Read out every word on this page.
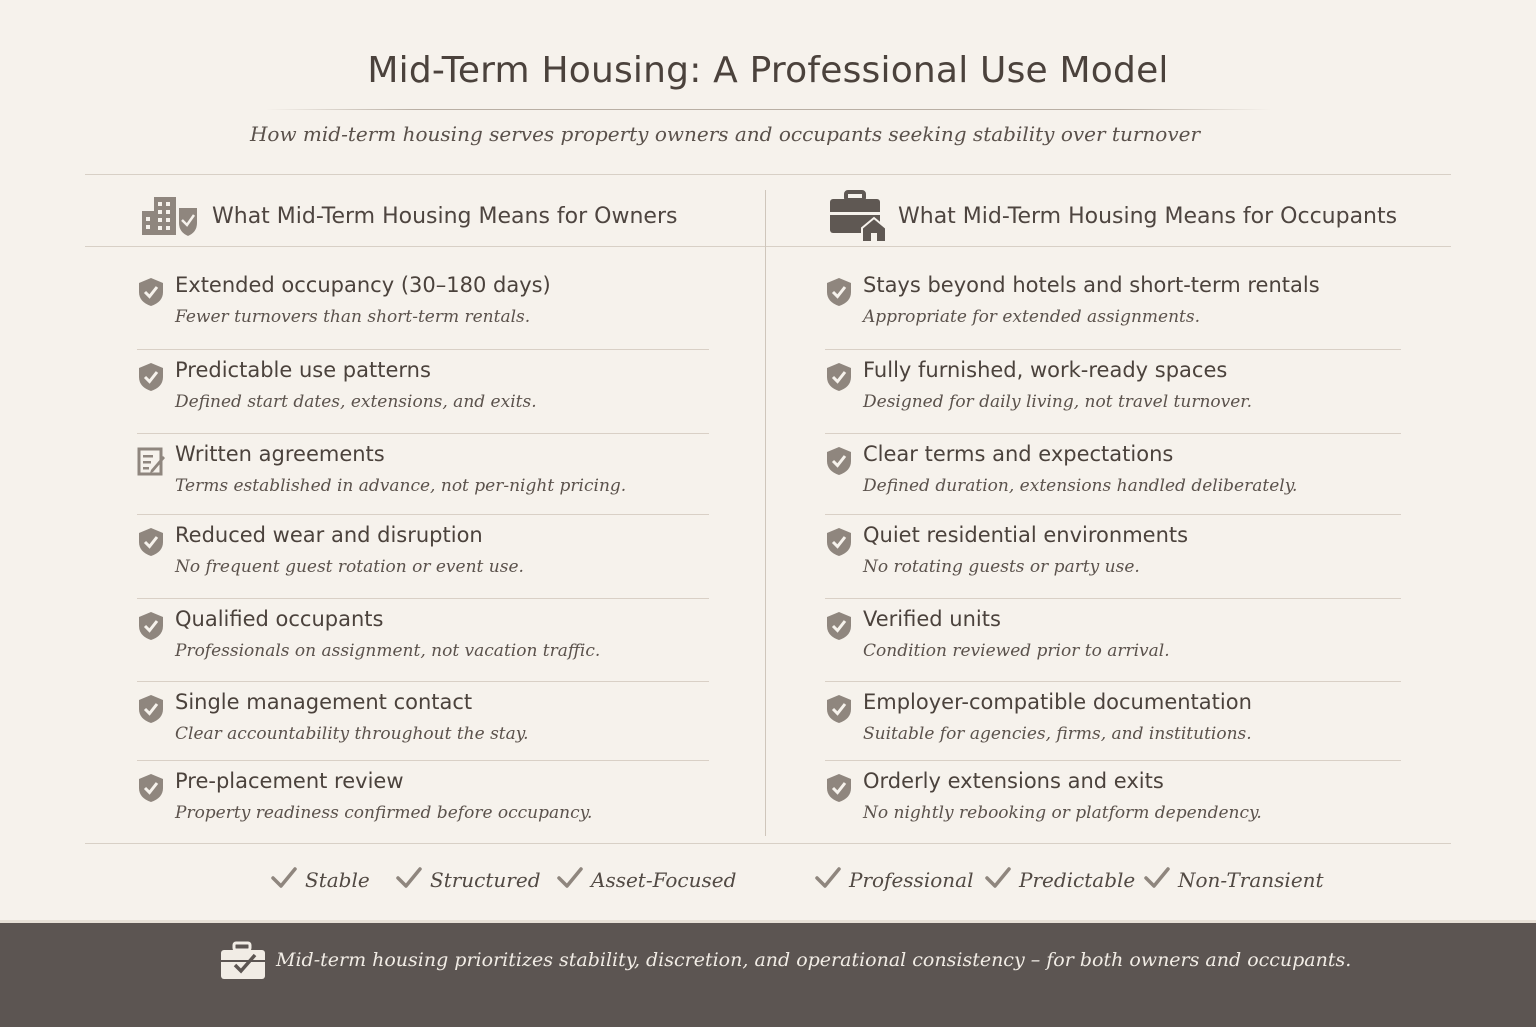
Mid-Term Housing: A Professional Use Model
How mid-term housing serves property owners and occupants seeking stability over turnover
What Mid-Term Housing Means for Owners	What Mid-Term Housing Means for Occupants
Extended occupancy (30–180 days)
Fewer turnovers than short-term rentals.
Predictable use patterns
Defined start dates, extensions, and exits.
Written agreements
Terms established in advance, not per-night pricing.
Reduced wear and disruption
No frequent guest rotation or event use.
Qualified occupants
Professionals on assignment, not vacation traffic.
Single management contact
Clear accountability throughout the stay.
Pre-placement review
Property readiness confirmed before occupancy.
Stays beyond hotels and short-term rentals
Appropriate for extended assignments.
Fully furnished, work-ready spaces
Designed for daily living, not travel turnover.
Clear terms and expectations
Defined duration, extensions handled deliberately.
Quiet residential environments
No rotating guests or party use.
Verified units
Condition reviewed prior to arrival.
Employer-compatible documentation
Suitable for agencies, firms, and institutions.
Orderly extensions and exits
No nightly rebooking or platform dependency.
Stable	Structured	Asset-Focused	Professional Predictable Non-Transient
Mid-term housing prioritizes stability, discretion, and operational consistency – for both owners and occupants.
